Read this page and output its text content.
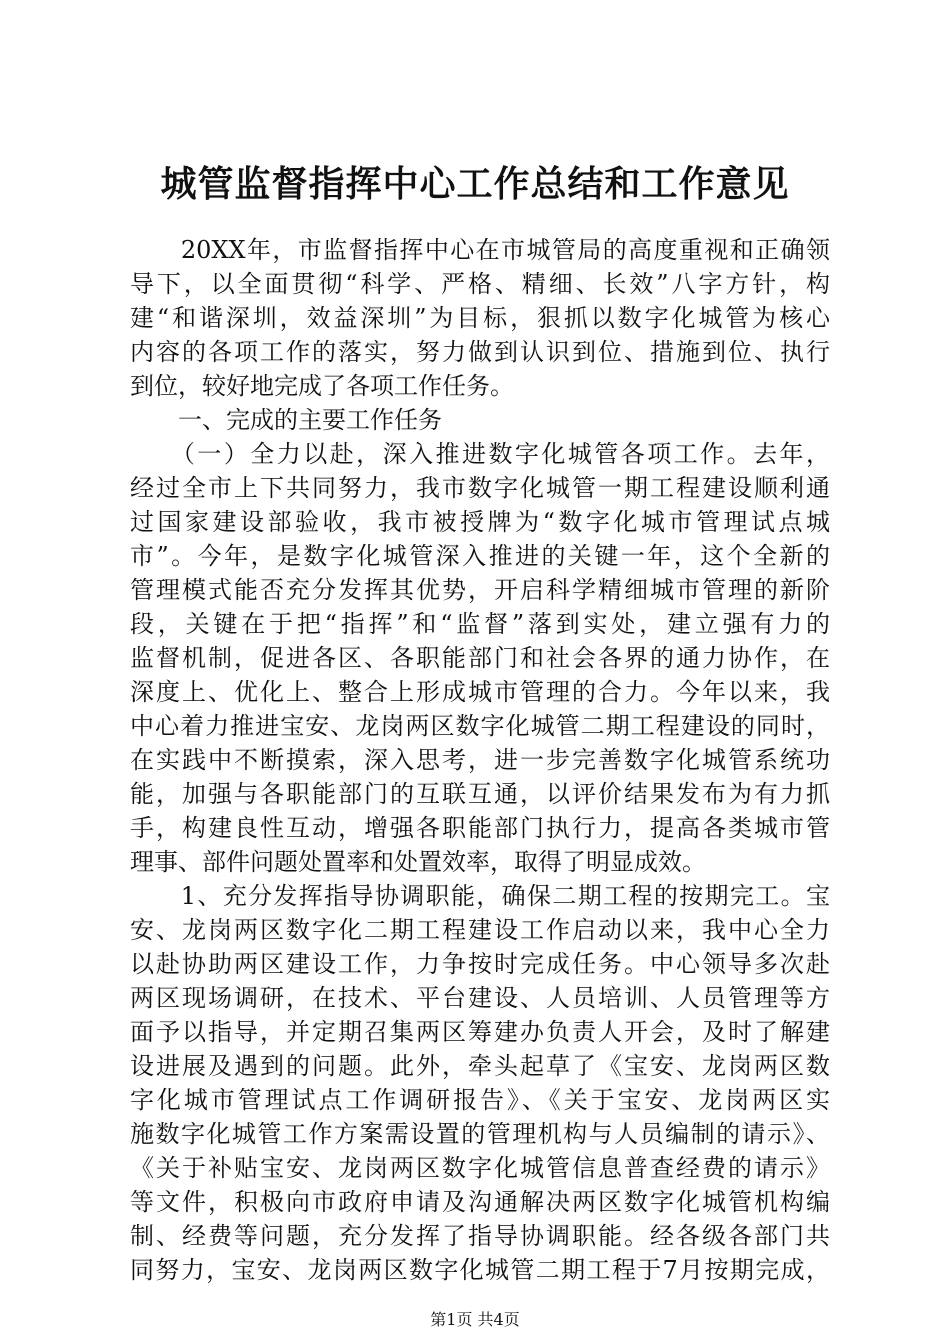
城管监督指挥中心工作总结和工作意见
　　20XX年，市监督指挥中心在市城管局的高度重视和正确领
导下，以全面贯彻“科学、严格、精细、长效”八字方针，构
建“和谐深圳，效益深圳”为目标，狠抓以数字化城管为核心
内容的各项工作的落实，努力做到认识到位、措施到位、执行
到位，较好地完成了各项工作任务。
　　一、完成的主要工作任务
　　（一）全力以赴，深入推进数字化城管各项工作。去年，
经过全市上下共同努力，我市数字化城管一期工程建设顺利通
过国家建设部验收，我市被授牌为“数字化城市管理试点城
市”。今年，是数字化城管深入推进的关键一年，这个全新的
管理模式能否充分发挥其优势，开启科学精细城市管理的新阶
段，关键在于把“指挥”和“监督”落到实处，建立强有力的
监督机制，促进各区、各职能部门和社会各界的通力协作，在
深度上、优化上、整合上形成城市管理的合力。今年以来，我
中心着力推进宝安、龙岗两区数字化城管二期工程建设的同时，
在实践中不断摸索，深入思考，进一步完善数字化城管系统功
能，加强与各职能部门的互联互通，以评价结果发布为有力抓
手，构建良性互动，增强各职能部门执行力，提高各类城市管
理事、部件问题处置率和处置效率，取得了明显成效。
　　1、充分发挥指导协调职能，确保二期工程的按期完工。宝
安、龙岗两区数字化二期工程建设工作启动以来，我中心全力
以赴协助两区建设工作，力争按时完成任务。中心领导多次赴
两区现场调研，在技术、平台建设、人员培训、人员管理等方
面予以指导，并定期召集两区筹建办负责人开会，及时了解建
设进展及遇到的问题。此外，牵头起草了《宝安、龙岗两区数
字化城市管理试点工作调研报告》、《关于宝安、龙岗两区实
施数字化城管工作方案需设置的管理机构与人员编制的请示》、
《关于补贴宝安、龙岗两区数字化城管信息普查经费的请示》
等文件，积极向市政府申请及沟通解决两区数字化城管机构编
制、经费等问题，充分发挥了指导协调职能。经各级各部门共
同努力，宝安、龙岗两区数字化城管二期工程于7月按期完成，
第1页 共4页
